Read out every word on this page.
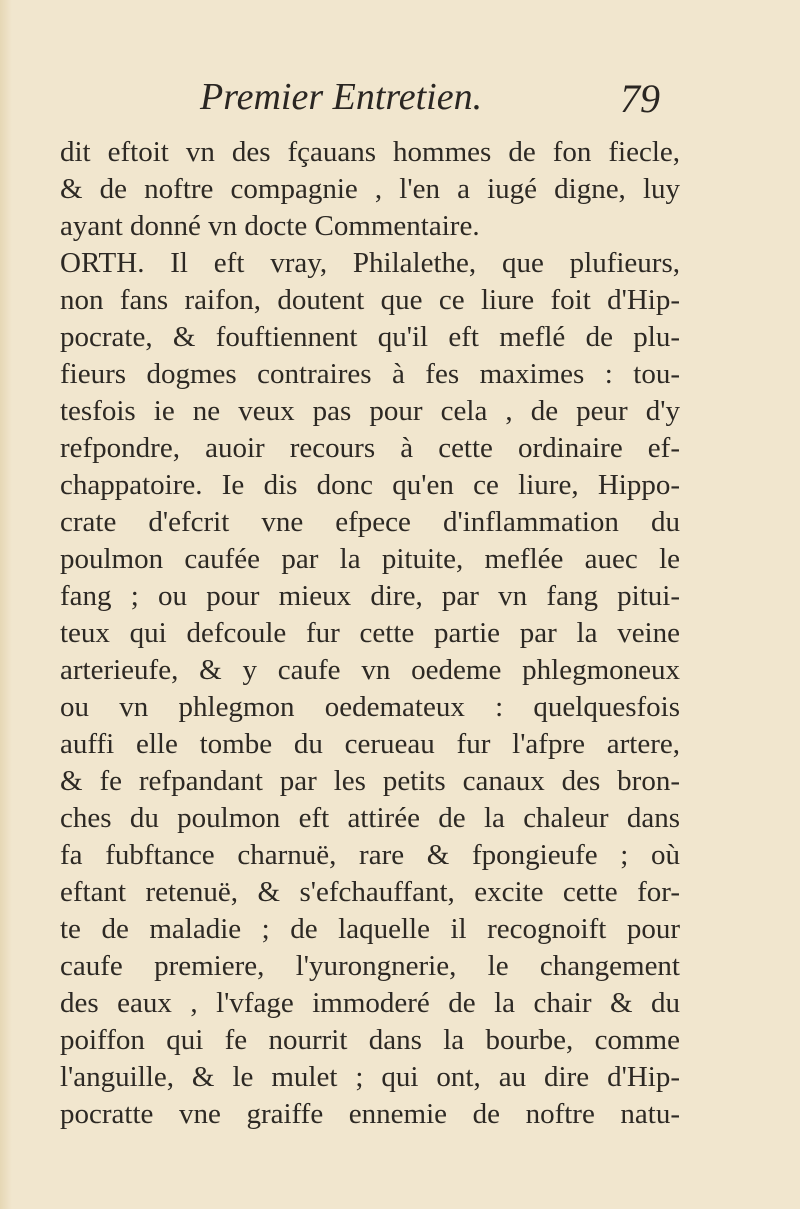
Premier Entretien.	79
dit eftoit vn des fçauans hommes de fon fiecle,
& de noftre compagnie , l'en a iugé digne, luy
ayant donné vn docte Commentaire.
ORTH. Il eft vray, Philalethe, que plufieurs,
non fans raifon, doutent que ce liure foit d'Hip-
pocrate, & fouftiennent qu'il eft meflé de plu-
fieurs dogmes contraires à fes maximes : tou-
tesfois ie ne veux pas pour cela , de peur d'y
refpondre, auoir recours à cette ordinaire ef-
chappatoire. Ie dis donc qu'en ce liure, Hippo-
crate d'efcrit vne efpece d'inflammation du
poulmon caufée par la pituite, meflée auec le
fang ; ou pour mieux dire, par vn fang pitui-
teux qui defcoule fur cette partie par la veine
arterieufe, & y caufe vn oedeme phlegmoneux
ou vn phlegmon oedemateux : quelquesfois
auffi elle tombe du cerueau fur l'afpre artere,
& fe refpandant par les petits canaux des bron-
ches du poulmon eft attirée de la chaleur dans
fa fubftance charnuë, rare & fpongieufe ; où
eftant retenuë, & s'efchauffant, excite cette for-
te de maladie ; de laquelle il recognoift pour
caufe premiere, l'yurongnerie, le changement
des eaux , l'vfage immoderé de la chair & du
poiffon qui fe nourrit dans la bourbe, comme
l'anguille, & le mulet ; qui ont, au dire d'Hip-
pocratte vne graiffe ennemie de noftre natu-
